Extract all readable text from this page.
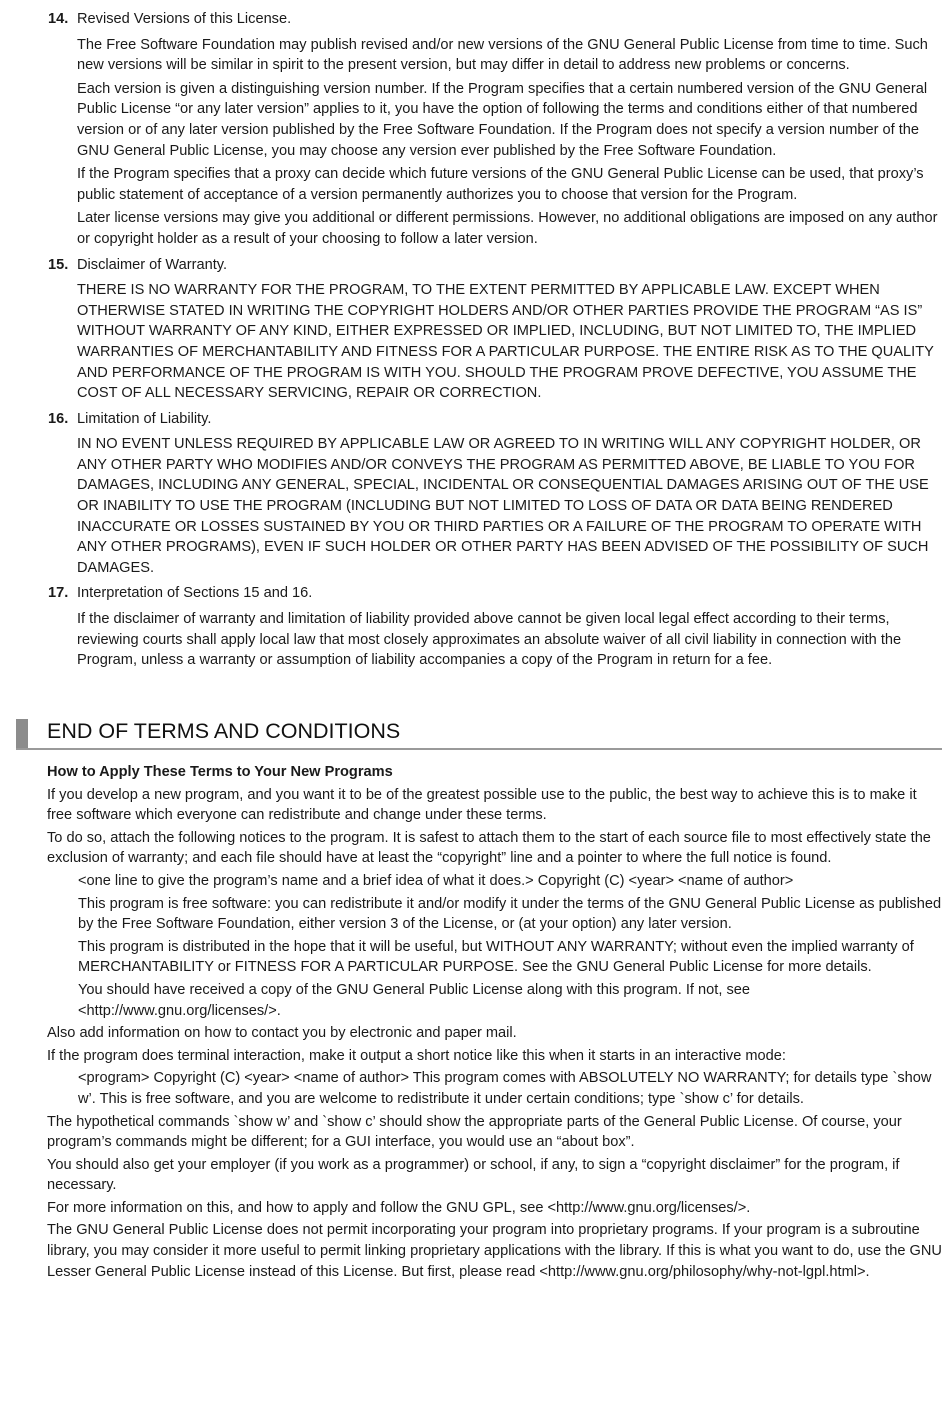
14. Revised Versions of this License.

The Free Software Foundation may publish revised and/or new versions of the GNU General Public License from time to time. Such new versions will be similar in spirit to the present version, but may differ in detail to address new problems or concerns.

Each version is given a distinguishing version number. If the Program specifies that a certain numbered version of the GNU General Public License “or any later version” applies to it, you have the option of following the terms and conditions either of that numbered version or of any later version published by the Free Software Foundation. If the Program does not specify a version number of the GNU General Public License, you may choose any version ever published by the Free Software Foundation.

If the Program specifies that a proxy can decide which future versions of the GNU General Public License can be used, that proxy’s public statement of acceptance of a version permanently authorizes you to choose that version for the Program.

Later license versions may give you additional or different permissions. However, no additional obligations are imposed on any author or copyright holder as a result of your choosing to follow a later version.

15. Disclaimer of Warranty.

THERE IS NO WARRANTY FOR THE PROGRAM, TO THE EXTENT PERMITTED BY APPLICABLE LAW. EXCEPT WHEN OTHERWISE STATED IN WRITING THE COPYRIGHT HOLDERS AND/OR OTHER PARTIES PROVIDE THE PROGRAM “AS IS” WITHOUT WARRANTY OF ANY KIND, EITHER EXPRESSED OR IMPLIED, INCLUDING, BUT NOT LIMITED TO, THE IMPLIED WARRANTIES OF MERCHANTABILITY AND FITNESS FOR A PARTICULAR PURPOSE. THE ENTIRE RISK AS TO THE QUALITY AND PERFORMANCE OF THE PROGRAM IS WITH YOU. SHOULD THE PROGRAM PROVE DEFECTIVE, YOU ASSUME THE COST OF ALL NECESSARY SERVICING, REPAIR OR CORRECTION.

16. Limitation of Liability.

IN NO EVENT UNLESS REQUIRED BY APPLICABLE LAW OR AGREED TO IN WRITING WILL ANY COPYRIGHT HOLDER, OR ANY OTHER PARTY WHO MODIFIES AND/OR CONVEYS THE PROGRAM AS PERMITTED ABOVE, BE LIABLE TO YOU FOR DAMAGES, INCLUDING ANY GENERAL, SPECIAL, INCIDENTAL OR CONSEQUENTIAL DAMAGES ARISING OUT OF THE USE OR INABILITY TO USE THE PROGRAM (INCLUDING BUT NOT LIMITED TO LOSS OF DATA OR DATA BEING RENDERED INACCURATE OR LOSSES SUSTAINED BY YOU OR THIRD PARTIES OR A FAILURE OF THE PROGRAM TO OPERATE WITH ANY OTHER PROGRAMS), EVEN IF SUCH HOLDER OR OTHER PARTY HAS BEEN ADVISED OF THE POSSIBILITY OF SUCH DAMAGES.

17. Interpretation of Sections 15 and 16.

If the disclaimer of warranty and limitation of liability provided above cannot be given local legal effect according to their terms, reviewing courts shall apply local law that most closely approximates an absolute waiver of all civil liability in connection with the Program, unless a warranty or assumption of liability accompanies a copy of the Program in return for a fee.

END OF TERMS AND CONDITIONS
How to Apply These Terms to Your New Programs

If you develop a new program, and you want it to be of the greatest possible use to the public, the best way to achieve this is to make it free software which everyone can redistribute and change under these terms.

To do so, attach the following notices to the program. It is safest to attach them to the start of each source file to most effectively state the exclusion of warranty; and each file should have at least the “copyright” line and a pointer to where the full notice is found.

<one line to give the program’s name and a brief idea of what it does.> Copyright (C) <year> <name of author>

This program is free software: you can redistribute it and/or modify it under the terms of the GNU General Public License as published by the Free Software Foundation, either version 3 of the License, or (at your option) any later version.

This program is distributed in the hope that it will be useful, but WITHOUT ANY WARRANTY; without even the implied warranty of MERCHANTABILITY or FITNESS FOR A PARTICULAR PURPOSE. See the GNU General Public License for more details.

You should have received a copy of the GNU General Public License along with this program. If not, see <http://www.gnu.org/licenses/>.

Also add information on how to contact you by electronic and paper mail.

If the program does terminal interaction, make it output a short notice like this when it starts in an interactive mode:

<program> Copyright (C) <year> <name of author> This program comes with ABSOLUTELY NO WARRANTY; for details type `show w’. This is free software, and you are welcome to redistribute it under certain conditions; type `show c’ for details.

The hypothetical commands `show w’ and `show c’ should show the appropriate parts of the General Public License. Of course, your program’s commands might be different; for a GUI interface, you would use an “about box”.

You should also get your employer (if you work as a programmer) or school, if any, to sign a “copyright disclaimer” for the program, if necessary.

For more information on this, and how to apply and follow the GNU GPL, see <http://www.gnu.org/licenses/>.

The GNU General Public License does not permit incorporating your program into proprietary programs. If your program is a subroutine library, you may consider it more useful to permit linking proprietary applications with the library. If this is what you want to do, use the GNU Lesser General Public License instead of this License. But first, please read <http://www.gnu.org/philosophy/why-not-lgpl.html>.
